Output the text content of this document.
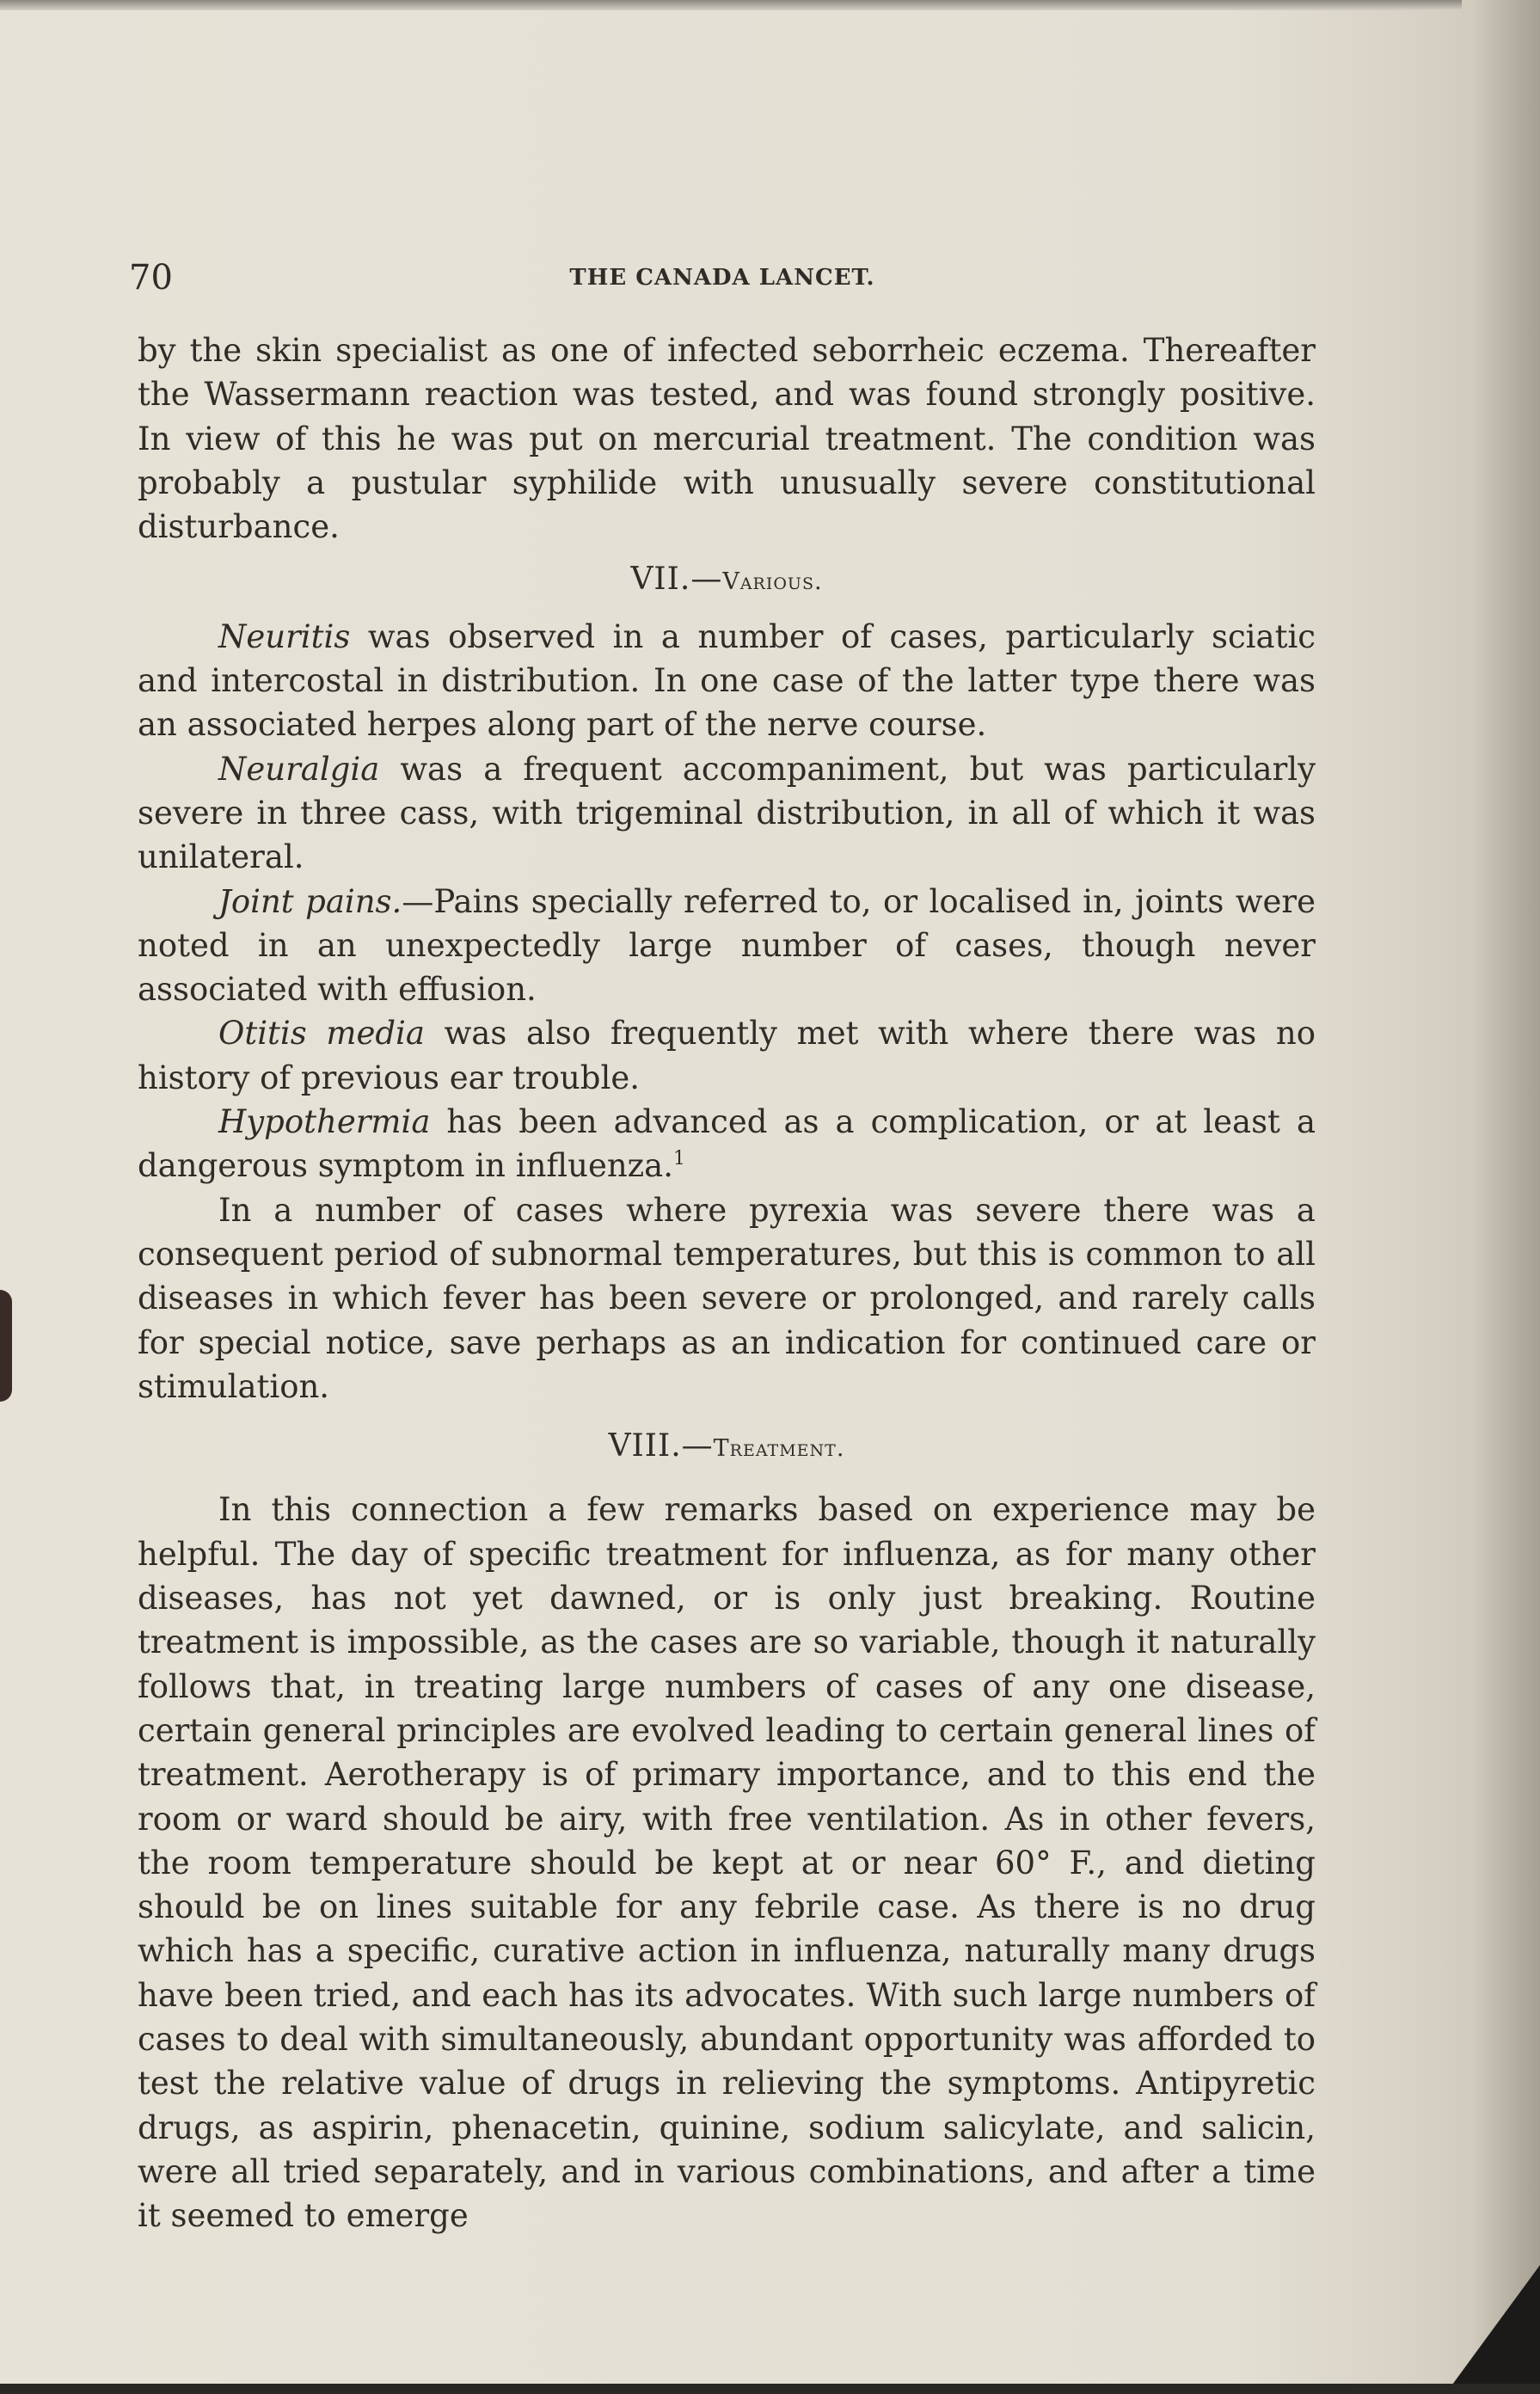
70	THE CANADA LANCET.

by the skin specialist as one of infected seborrheic eczema. Thereafter the Wassermann reaction was tested, and was found strongly positive. In view of this he was put on mercurial treatment. The condition was probably a pustular syphilide with unusually severe constitutional disturbance.

VII.—Various.

Neuritis was observed in a number of cases, particularly sciatic and intercostal in distribution. In one case of the latter type there was an associated herpes along part of the nerve course.

Neuralgia was a frequent accompaniment, but was particularly severe in three cass, with trigeminal distribution, in all of which it was unilateral.

Joint pains.—Pains specially referred to, or localised in, joints were noted in an unexpectedly large number of cases, though never associated with effusion.

Otitis media was also frequently met with where there was no history of previous ear trouble.

Hypothermia has been advanced as a complication, or at least a dangerous symptom in influenza.$^1$

In a number of cases where pyrexia was severe there was a consequent period of subnormal temperatures, but this is common to all diseases in which fever has been severe or prolonged, and rarely calls for special notice, save perhaps as an indication for continued care or stimulation.

VIII.—Treatment.

In this connection a few remarks based on experience may be helpful. The day of specific treatment for influenza, as for many other diseases, has not yet dawned, or is only just breaking. Routine treatment is impossible, as the cases are so variable, though it naturally follows that, in treating large numbers of cases of any one disease, certain general principles are evolved leading to certain general lines of treatment. Aerotherapy is of primary importance, and to this end the room or ward should be airy, with free ventilation. As in other fevers, the room temperature should be kept at or near 60° F., and dieting should be on lines suitable for any febrile case. As there is no drug which has a specific, curative action in influenza, naturally many drugs have been tried, and each has its advocates. With such large numbers of cases to deal with simultaneously, abundant opportunity was afforded to test the relative value of drugs in relieving the symptoms. Antipyretic drugs, as aspirin, phenacetin, quinine, sodium salicylate, and salicin, were all tried separately, and in various combinations, and after a time it seemed to emerge
